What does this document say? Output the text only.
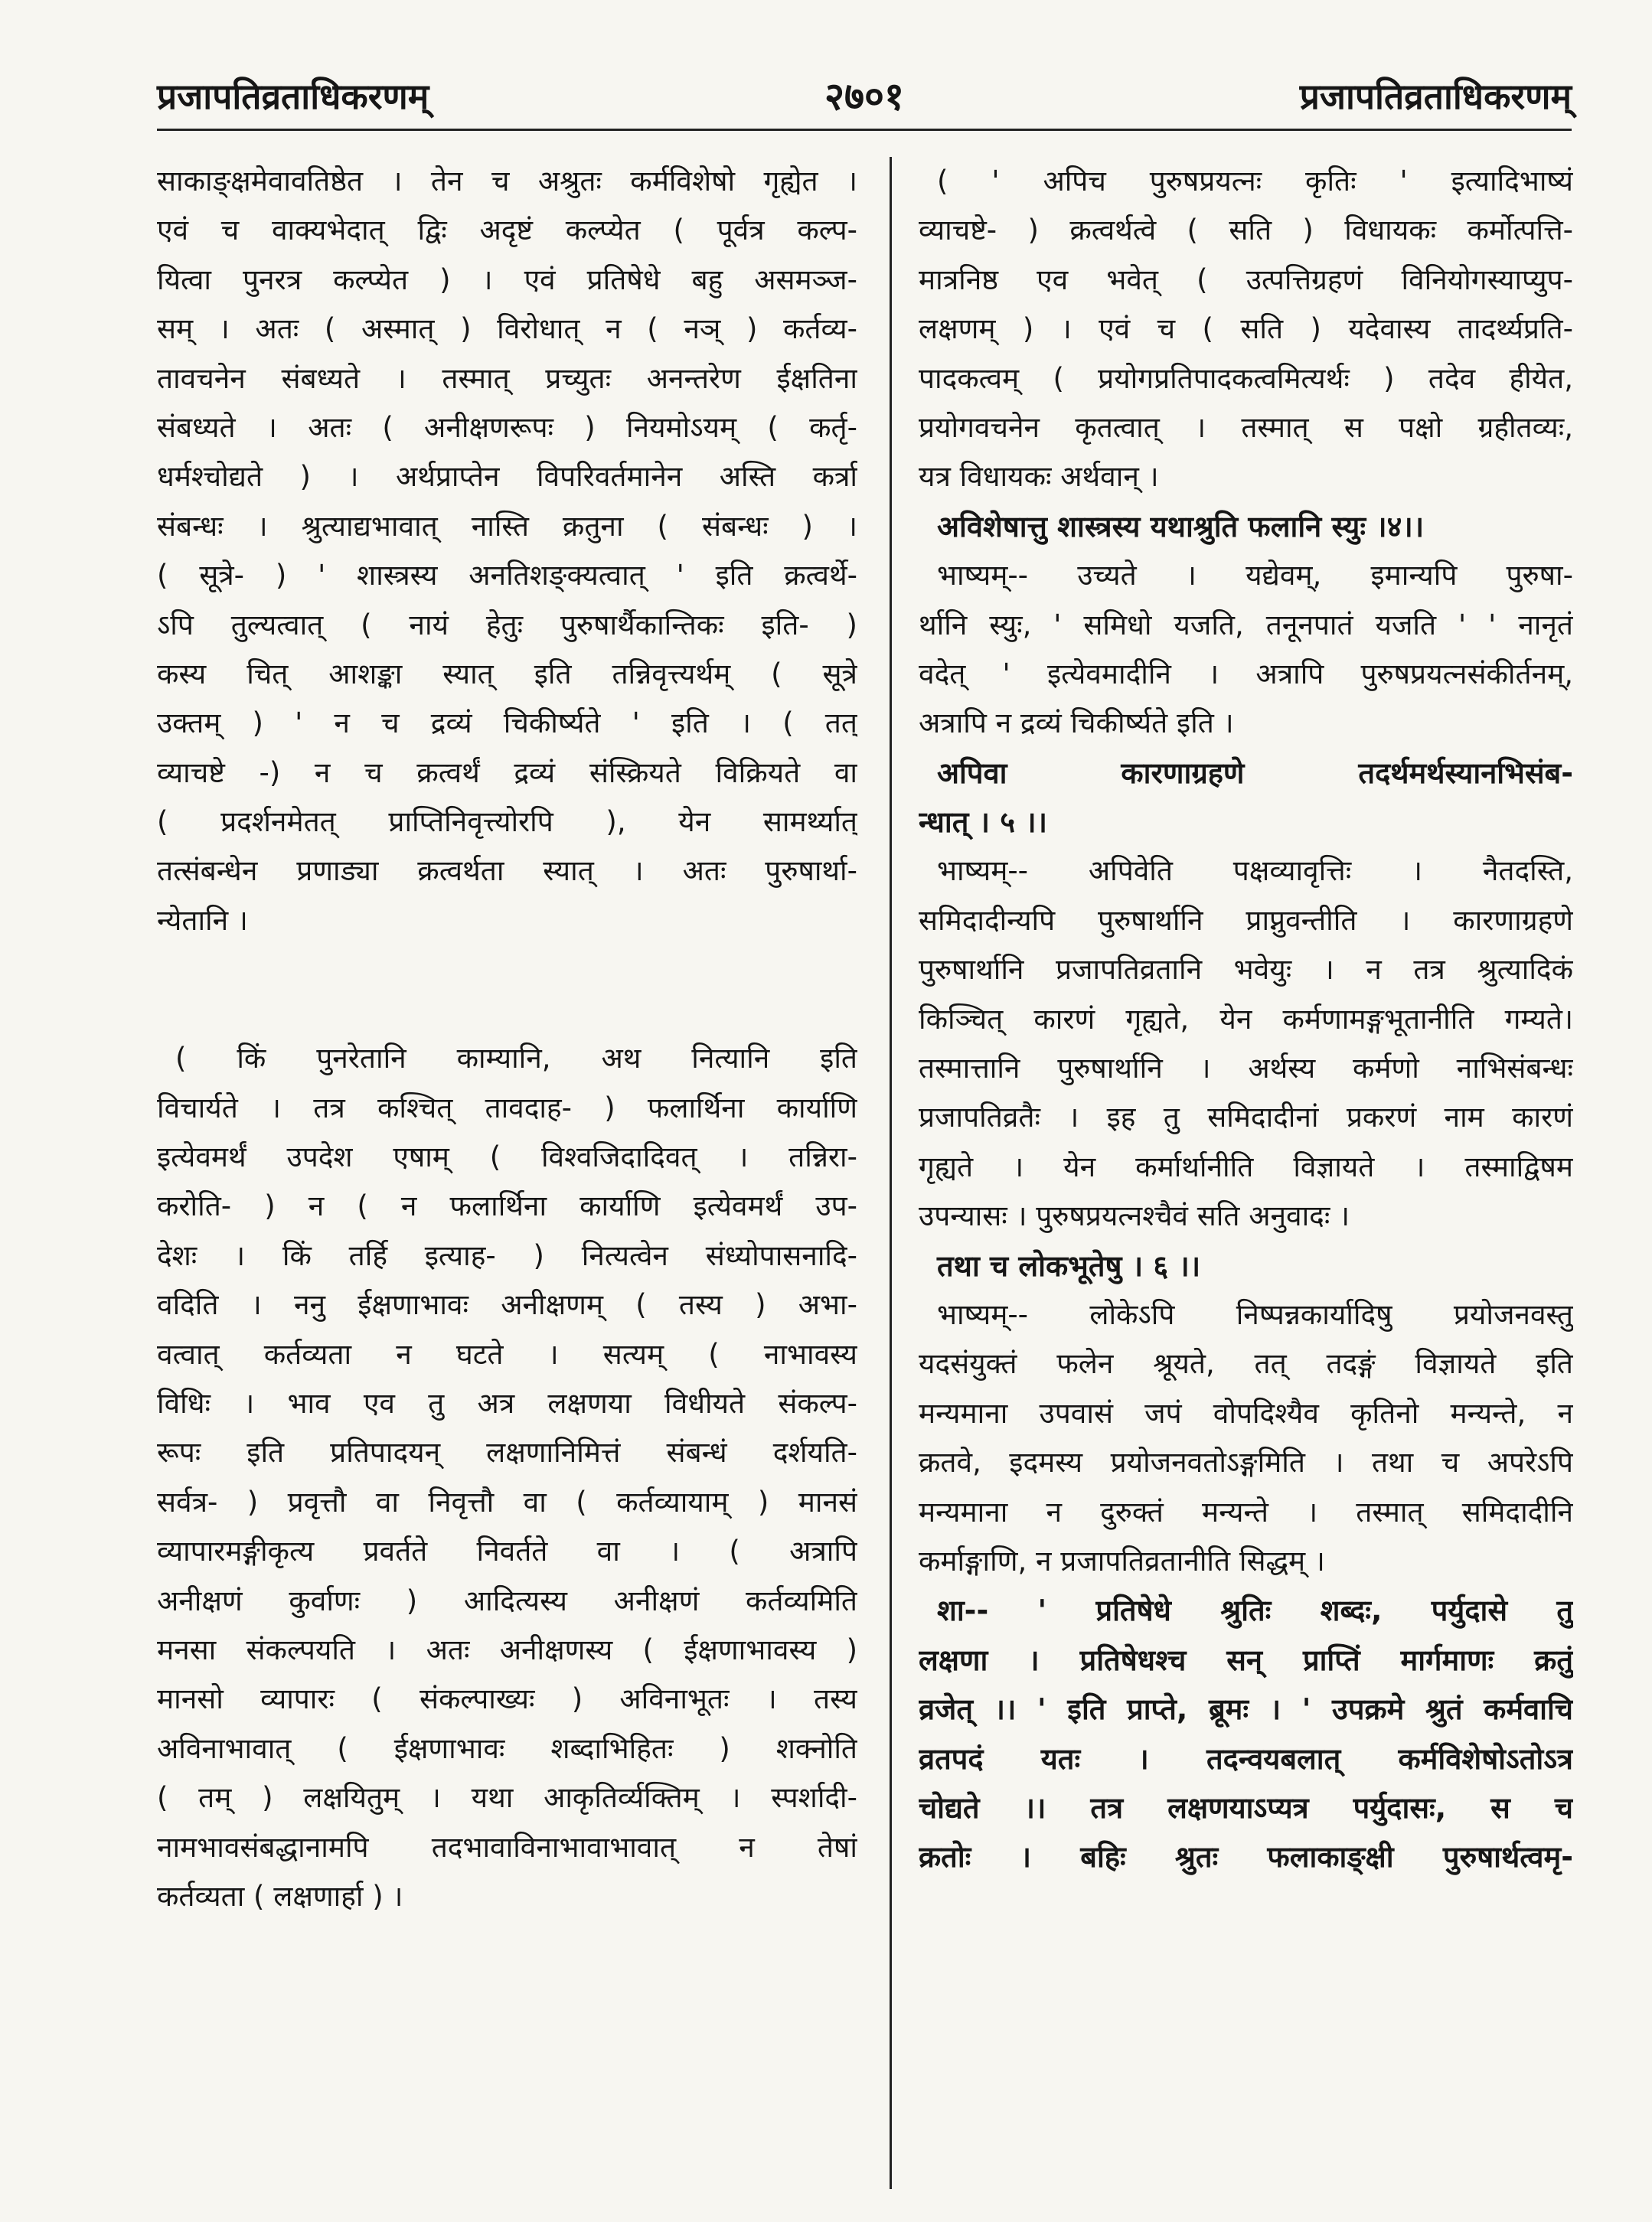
प्रजापतिव्रताधिकरणम्	२७०१	प्रजापतिव्रताधिकरणम्
साकाङ्क्षमेवावतिष्ठेत । तेन च अश्रुतः कर्मविशेषो गृह्येत ।
एवं च वाक्यभेदात् द्विः अदृष्टं कल्प्येत ( पूर्वत्र कल्प-
यित्वा पुनरत्र कल्प्येत ) । एवं प्रतिषेधे बहु असमञ्ज-
सम् । अतः ( अस्मात् ) विरोधात् न ( नञ् ) कर्तव्य-
तावचनेन संबध्यते । तस्मात् प्रच्युतः अनन्तरेण ईक्षतिना
संबध्यते । अतः ( अनीक्षणरूपः ) नियमोऽयम् ( कर्तृ-
धर्मश्चोद्यते ) । अर्थप्राप्तेन विपरिवर्तमानेन अस्ति कर्त्रा
संबन्धः । श्रुत्याद्यभावात् नास्ति क्रतुना ( संबन्धः ) ।
( सूत्रे- ) ' शास्त्रस्य अनतिशङ्क्यत्वात् ' इति क्रत्वर्थे-
ऽपि तुल्यत्वात् ( नायं हेतुः पुरुषार्थैकान्तिकः इति- )
कस्य चित् आशङ्का स्यात् इति तन्निवृत्त्यर्थम् ( सूत्रे
उक्तम् ) ' न च द्रव्यं चिकीर्ष्यते ' इति । ( तत्
व्याचष्टे -) न च क्रत्वर्थं द्रव्यं संस्क्रियते विक्रियते वा
( प्रदर्शनमेतत् प्राप्तिनिवृत्त्योरपि ), येन सामर्थ्यात्
तत्संबन्धेन प्रणाड्या क्रत्वर्थता स्यात् । अतः पुरुषार्था-
न्येतानि ।
( किं पुनरेतानि काम्यानि, अथ नित्यानि इति
विचार्यते । तत्र कश्चित् तावदाह- ) फलार्थिना कार्याणि
इत्येवमर्थं उपदेश एषाम् ( विश्वजिदादिवत् । तन्निरा-
करोति- ) न ( न फलार्थिना कार्याणि इत्येवमर्थं उप-
देशः । किं तर्हि इत्याह- ) नित्यत्वेन संध्योपासनादि-
वदिति । ननु ईक्षणाभावः अनीक्षणम् ( तस्य ) अभा-
वत्वात् कर्तव्यता न घटते । सत्यम् ( नाभावस्य
विधिः । भाव एव तु अत्र लक्षणया विधीयते संकल्प-
रूपः इति प्रतिपादयन् लक्षणानिमित्तं संबन्धं दर्शयति-
सर्वत्र- ) प्रवृत्तौ वा निवृत्तौ वा ( कर्तव्यायाम् ) मानसं
व्यापारमङ्गीकृत्य प्रवर्तते निवर्तते वा । ( अत्रापि
अनीक्षणं कुर्वाणः ) आदित्यस्य अनीक्षणं कर्तव्यमिति
मनसा संकल्पयति । अतः अनीक्षणस्य ( ईक्षणाभावस्य )
मानसो व्यापारः ( संकल्पाख्यः ) अविनाभूतः । तस्य
अविनाभावात् ( ईक्षणाभावः शब्दाभिहितः ) शक्नोति
( तम् ) लक्षयितुम् । यथा आकृतिर्व्यक्तिम् । स्पर्शादी-
नामभावसंबद्धानामपि तदभावाविनाभावाभावात् न तेषां
कर्तव्यता ( लक्षणार्हा ) ।
( ' अपिच पुरुषप्रयत्नः कृतिः ' इत्यादिभाष्यं
व्याचष्टे- ) क्रत्वर्थत्वे ( सति ) विधायकः कर्मोत्पत्ति-
मात्रनिष्ठ एव भवेत् ( उत्पत्तिग्रहणं विनियोगस्याप्युप-
लक्षणम् ) । एवं च ( सति ) यदेवास्य तादर्थ्यप्रति-
पादकत्वम् ( प्रयोगप्रतिपादकत्वमित्यर्थः ) तदेव हीयेत,
प्रयोगवचनेन कृतत्वात् । तस्मात् स पक्षो ग्रहीतव्यः,
यत्र विधायकः अर्थवान् ।
अविशेषात्तु शास्त्रस्य यथाश्रुति फलानि स्युः ।४।।
भाष्यम्-- उच्यते । यद्येवम्, इमान्यपि पुरुषा-
र्थानि स्युः, ' समिधो यजति, तनूनपातं यजति ' ' नानृतं
वदेत् ' इत्येवमादीनि । अत्रापि पुरुषप्रयत्नसंकीर्तनम्,
अत्रापि न द्रव्यं चिकीर्ष्यते इति ।
अपिवा कारणाग्रहणे तदर्थमर्थस्यानभिसंब-
न्धात् । ५ ।।
भाष्यम्-- अपिवेति पक्षव्यावृत्तिः । नैतदस्ति,
समिदादीन्यपि पुरुषार्थानि प्राप्नुवन्तीति । कारणाग्रहणे
पुरुषार्थानि प्रजापतिव्रतानि भवेयुः । न तत्र श्रुत्यादिकं
किञ्चित् कारणं गृह्यते, येन कर्मणामङ्गभूतानीति गम्यते।
तस्मात्तानि पुरुषार्थानि । अर्थस्य कर्मणो नाभिसंबन्धः
प्रजापतिव्रतैः । इह तु समिदादीनां प्रकरणं नाम कारणं
गृह्यते । येन कर्मार्थानीति विज्ञायते । तस्माद्विषम
उपन्यासः । पुरुषप्रयत्नश्चैवं सति अनुवादः ।
तथा च लोकभूतेषु । ६ ।।
भाष्यम्-- लोकेऽपि निष्पन्नकार्यादिषु प्रयोजनवस्तु
यदसंयुक्तं फलेन श्रूयते, तत् तदङ्गं विज्ञायते इति
मन्यमाना उपवासं जपं वोपदिश्यैव कृतिनो मन्यन्ते, न
क्रतवे, इदमस्य प्रयोजनवतोऽङ्गमिति । तथा च अपरेऽपि
मन्यमाना न दुरुक्तं मन्यन्ते । तस्मात् समिदादीनि
कर्माङ्गाणि, न प्रजापतिव्रतानीति सिद्धम् ।
शा-- ' प्रतिषेधे श्रुतिः शब्दः, पर्युदासे तु
लक्षणा । प्रतिषेधश्च सन् प्राप्तिं मार्गमाणः क्रतुं
व्रजेत् ।। ' इति प्राप्ते, ब्रूमः । ' उपक्रमे श्रुतं कर्मवाचि
व्रतपदं यतः । तदन्वयबलात् कर्मविशेषोऽतोऽत्र
चोद्यते ।। तत्र लक्षणयाऽप्यत्र पर्युदासः, स च
क्रतोः । बहिः श्रुतः फलाकाङ्क्षी पुरुषार्थत्वमृ-
